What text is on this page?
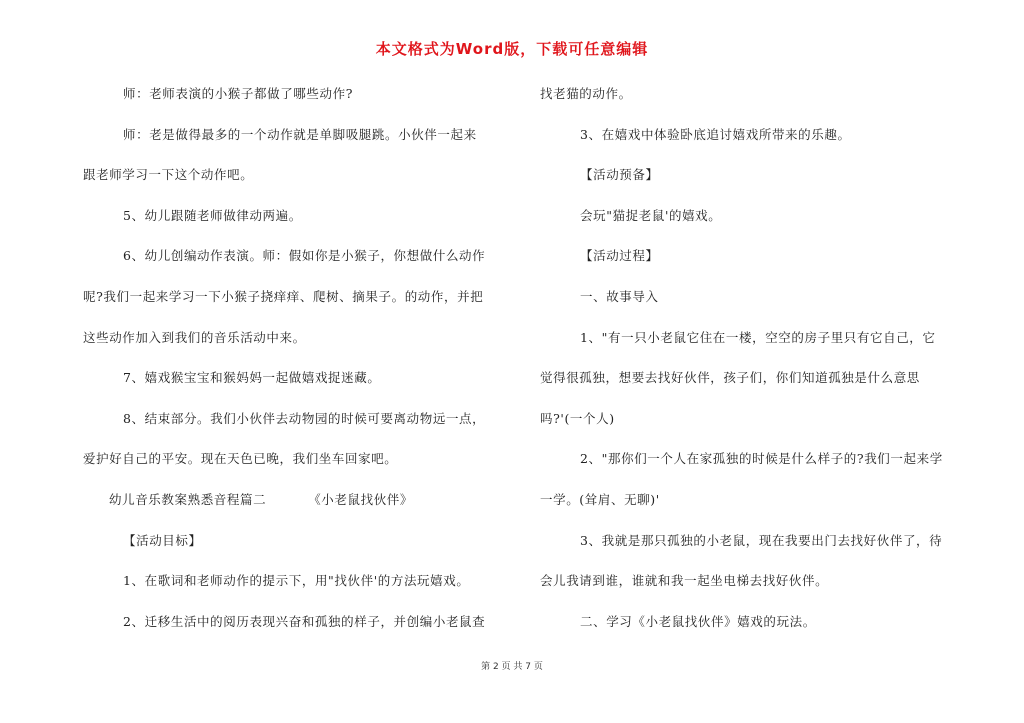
本文格式为Word版，下载可任意编辑
师：老师表演的小猴子都做了哪些动作?
师：老是做得最多的一个动作就是单脚吸腿跳。小伙伴一起来
跟老师学习一下这个动作吧。
5、幼儿跟随老师做律动两遍。
6、幼儿创编动作表演。师：假如你是小猴子，你想做什么动作
呢?我们一起来学习一下小猴子挠痒痒、爬树、摘果子。的动作，并把
这些动作加入到我们的音乐活动中来。
7、嬉戏猴宝宝和猴妈妈一起做嬉戏捉迷藏。
8、结束部分。我们小伙伴去动物园的时候可要离动物远一点，
爱护好自己的平安。现在天色已晚，我们坐车回家吧。
幼儿音乐教案熟悉音程篇二	《小老鼠找伙伴》
【活动目标】
1、在歌词和老师动作的提示下，用"找伙伴'的方法玩嬉戏。
2、迁移生活中的阅历表现兴奋和孤独的样子，并创编小老鼠查
找老猫的动作。
3、在嬉戏中体验卧底追讨嬉戏所带来的乐趣。
【活动预备】
会玩"猫捉老鼠'的嬉戏。
【活动过程】
一、故事导入
1、"有一只小老鼠它住在一楼，空空的房子里只有它自己，它
觉得很孤独，想要去找好伙伴，孩子们，你们知道孤独是什么意思
吗?'(一个人)
2、"那你们一个人在家孤独的时候是什么样子的?我们一起来学
一学。(耸肩、无聊)'
3、我就是那只孤独的小老鼠，现在我要出门去找好伙伴了，待
会儿我请到谁，谁就和我一起坐电梯去找好伙伴。
二、学习《小老鼠找伙伴》嬉戏的玩法。
第 2 页 共 7 页
